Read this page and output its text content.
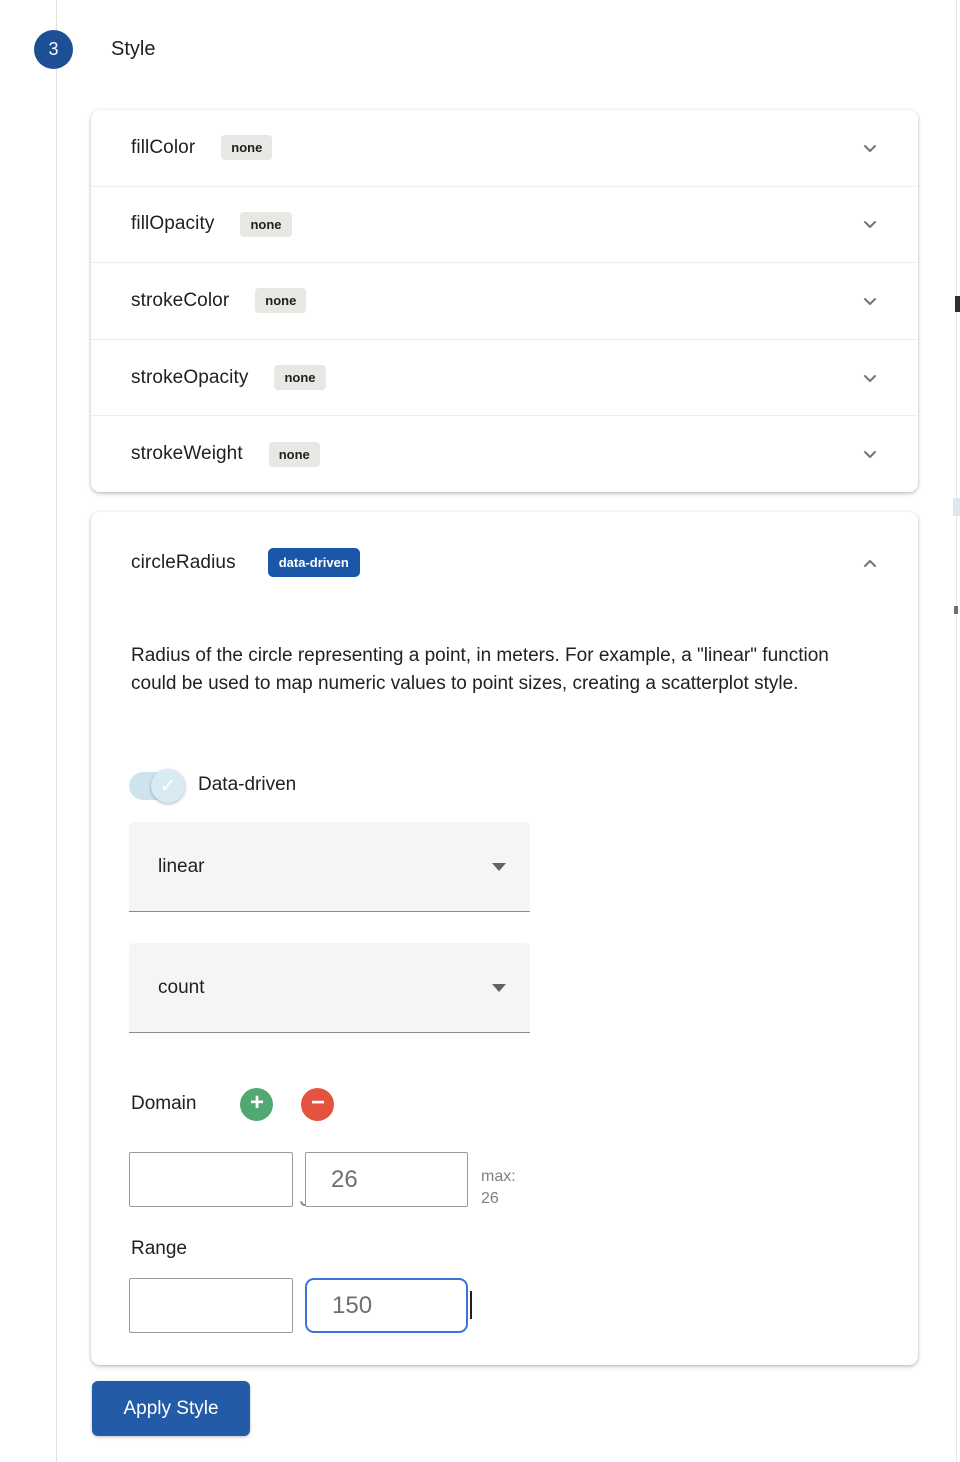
3	Style
fillColor	none
fillOpacity	none
strokeColor	none
strokeOpacity	none
strokeWeight	none
circleRadius	data-driven
Radius of the circle representing a point, in meters. For example, a "linear" function could be used to map numeric values to point sizes, creating a scatterplot style.
✓ Data-driven
linear
count
Domain + −
26
max:
26
Range
150
Apply Style
